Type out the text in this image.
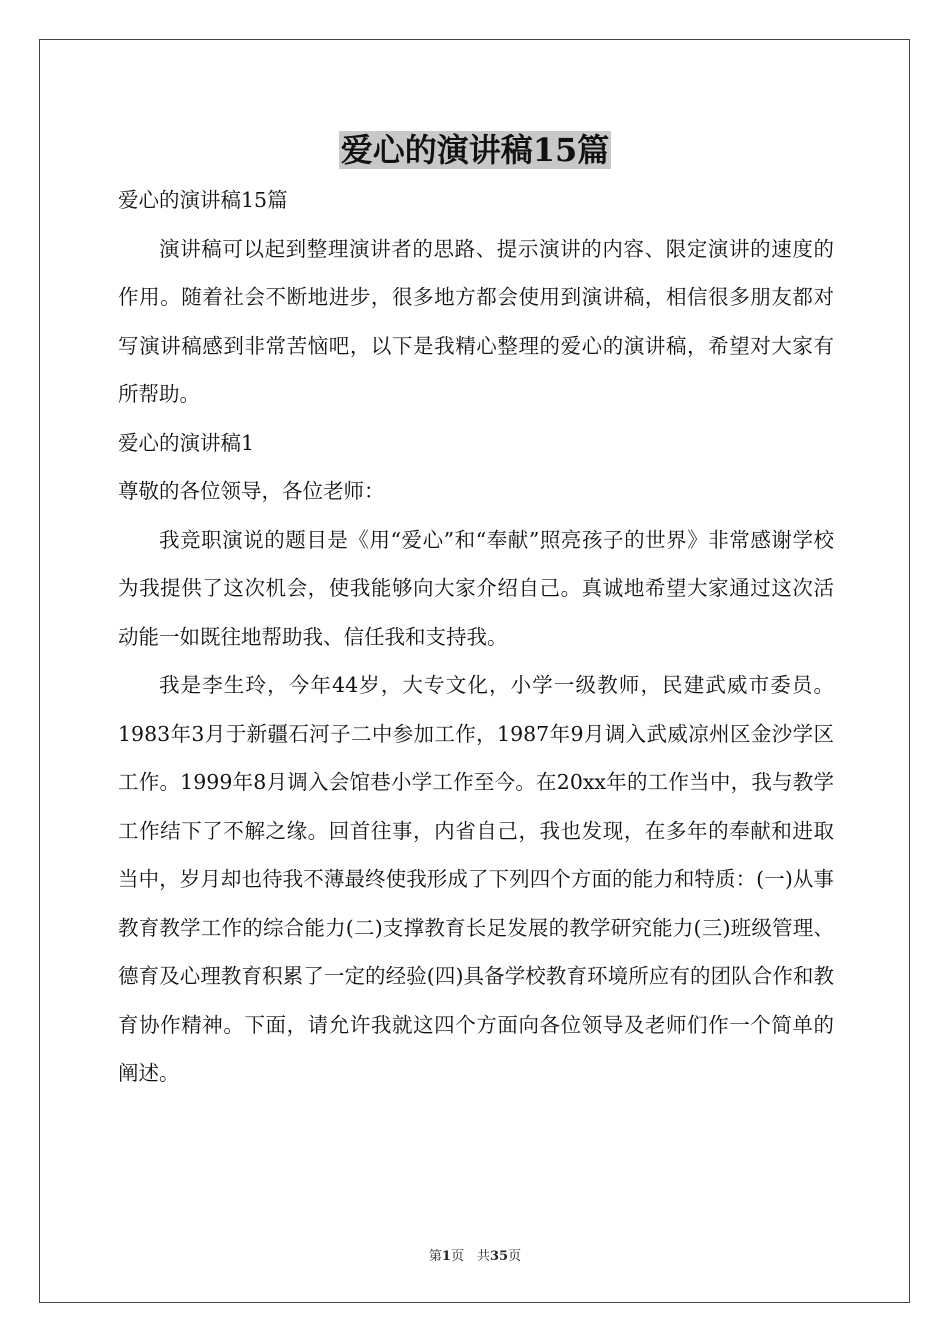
爱心的演讲稿15篇

爱心的演讲稿15篇

演讲稿可以起到整理演讲者的思路、提示演讲的内容、限定演讲的速度的作用。随着社会不断地进步，很多地方都会使用到演讲稿，相信很多朋友都对写演讲稿感到非常苦恼吧，以下是我精心整理的爱心的演讲稿，希望对大家有所帮助。

爱心的演讲稿1

尊敬的各位领导，各位老师：

我竞职演说的题目是《用“爱心”和“奉献”照亮孩子的世界》非常感谢学校为我提供了这次机会，使我能够向大家介绍自己。真诚地希望大家通过这次活动能一如既往地帮助我、信任我和支持我。

我是李生玲，今年44岁，大专文化，小学一级教师，民建武威市委员。1983年3月于新疆石河子二中参加工作，1987年9月调入武威凉州区金沙学区工作。1999年8月调入会馆巷小学工作至今。在20xx年的工作当中，我与教学工作结下了不解之缘。回首往事，内省自己，我也发现，在多年的奉献和进取当中，岁月却也待我不薄最终使我形成了下列四个方面的能力和特质：(一)从事教育教学工作的综合能力(二)支撑教育长足发展的教学研究能力(三)班级管理、德育及心理教育积累了一定的经验(四)具备学校教育环境所应有的团队合作和教育协作精神。下面，请允许我就这四个方面向各位领导及老师们作一个简单的阐述。

第1页　共35页
